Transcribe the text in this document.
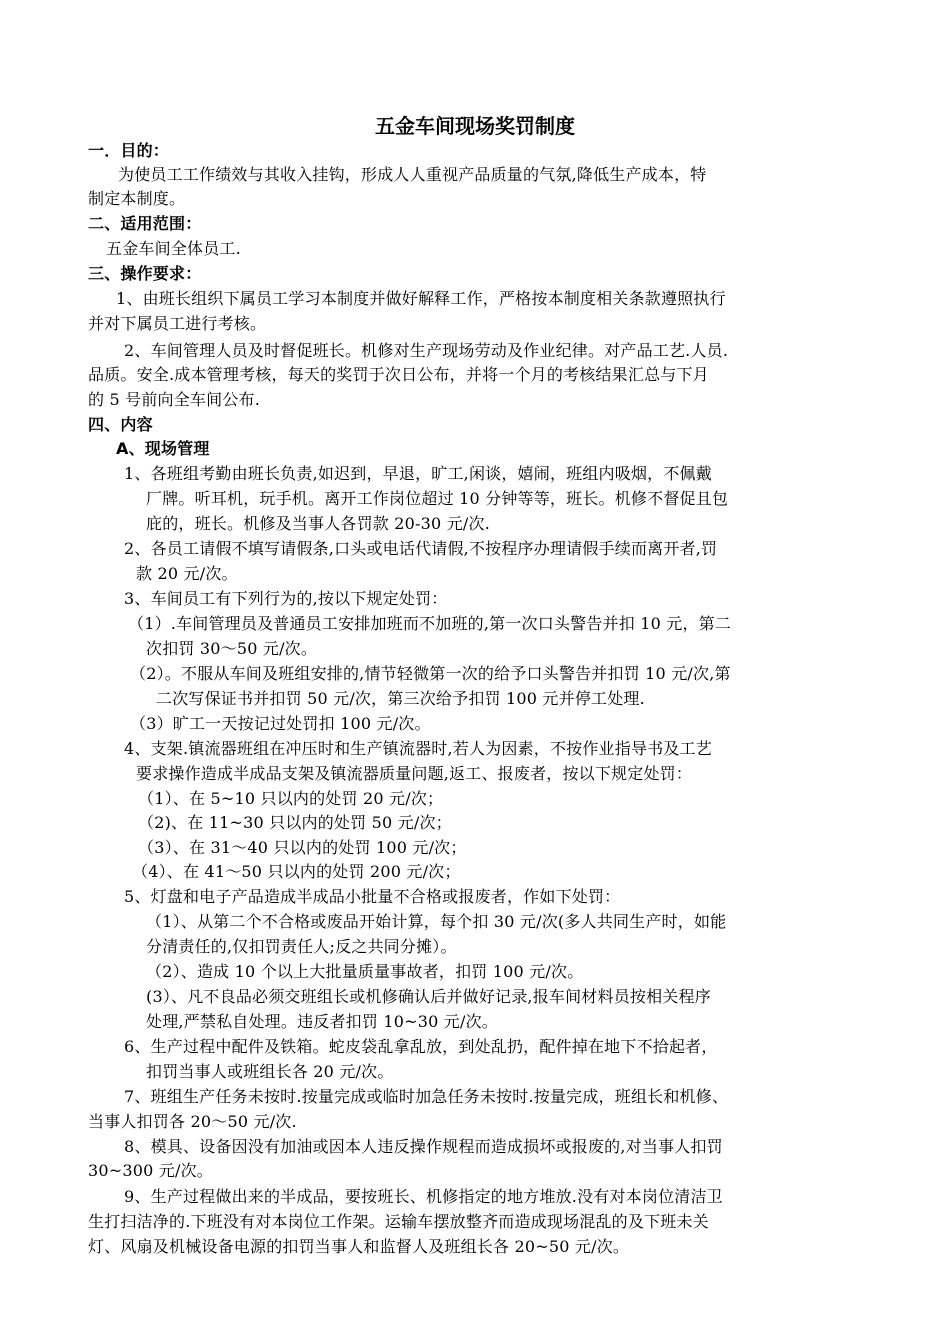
五金车间现场奖罚制度
一．目的：
为使员工工作绩效与其收入挂钩，形成人人重视产品质量的气氛,降低生产成本，特
制定本制度。
二、适用范围：
五金车间全体员工.
三、操作要求：
1、由班长组织下属员工学习本制度并做好解释工作，严格按本制度相关条款遵照执行
并对下属员工进行考核。
2、车间管理人员及时督促班长。机修对生产现场劳动及作业纪律。对产品工艺.人员.
品质。安全.成本管理考核，每天的奖罚于次日公布，并将一个月的考核结果汇总与下月
的 5 号前向全车间公布.
四、内容
A、现场管理
1、各班组考勤由班长负责,如迟到，早退，旷工,闲谈，嬉闹，班组内吸烟，不佩戴
厂牌。听耳机，玩手机。离开工作岗位超过 10 分钟等等，班长。机修不督促且包
庇的，班长。机修及当事人各罚款 20-30 元/次.
2、各员工请假不填写请假条,口头或电话代请假,不按程序办理请假手续而离开者,罚
款 20 元/次。
3、车间员工有下列行为的,按以下规定处罚：
（1）.车间管理员及普通员工安排加班而不加班的,第一次口头警告并扣 10 元，第二
次扣罚 30～50 元/次。
（2）。不服从车间及班组安排的,情节轻微第一次的给予口头警告并扣罚 10 元/次,第
二次写保证书并扣罚 50 元/次，第三次给予扣罚 100 元并停工处理.
（3）旷工一天按记过处罚扣 100 元/次。
4、支架.镇流器班组在冲压时和生产镇流器时,若人为因素，不按作业指导书及工艺
要求操作造成半成品支架及镇流器质量问题,返工、报废者，按以下规定处罚：
（1）、在 5~10 只以内的处罚 20 元/次；
（2)、在 11~30 只以内的处罚 50 元/次；
（3）、在 31～40 只以内的处罚 100 元/次；
（4）、在 41～50 只以内的处罚 200 元/次；
5、灯盘和电子产品造成半成品小批量不合格或报废者，作如下处罚：
（1）、从第二个不合格或废品开始计算，每个扣 30 元/次(多人共同生产时，如能
分清责任的,仅扣罚责任人;反之共同分摊）。
（2）、造成 10 个以上大批量质量事故者，扣罚 100 元/次。
(3）、凡不良品必须交班组长或机修确认后并做好记录,报车间材料员按相关程序
处理,严禁私自处理。违反者扣罚 10~30 元/次。
6、生产过程中配件及铁箱。蛇皮袋乱拿乱放，到处乱扔，配件掉在地下不拾起者，
扣罚当事人或班组长各 20 元/次。
7、班组生产任务未按时.按量完成或临时加急任务未按时.按量完成，班组长和机修、
当事人扣罚各 20～50 元/次.
8、模具、设备因没有加油或因本人违反操作规程而造成损坏或报废的,对当事人扣罚
30~300 元/次。
9、生产过程做出来的半成品，要按班长、机修指定的地方堆放.没有对本岗位清洁卫
生打扫洁净的.下班没有对本岗位工作架。运输车摆放整齐而造成现场混乱的及下班未关
灯、风扇及机械设备电源的扣罚当事人和监督人及班组长各 20~50 元/次。
